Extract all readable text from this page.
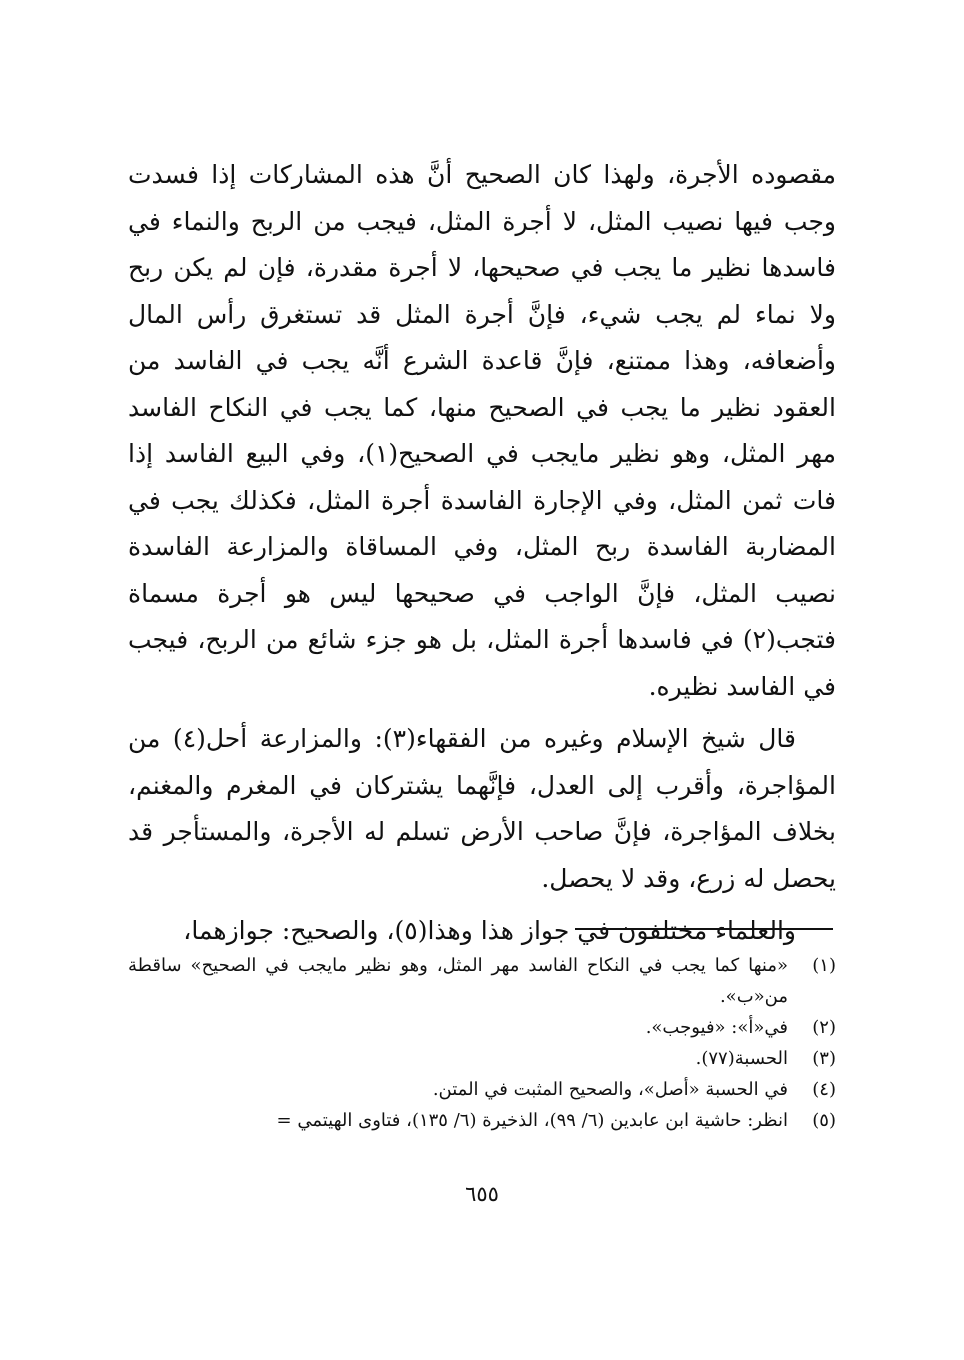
مقصوده الأجرة، ولهذا كان الصحيح أنَّ هذه المشاركات إذا فسدت وجب فيها نصيب المثل، لا أجرة المثل، فيجب من الربح والنماء في فاسدها نظير ما يجب في صحيحها، لا أجرة مقدرة، فإن لم يكن ربح ولا نماء لم يجب شيء، فإنَّ أجرة المثل قد تستغرق رأس المال وأضعافه، وهذا ممتنع، فإنَّ قاعدة الشرع أنَّه يجب في الفاسد من العقود نظير ما يجب في الصحيح منها، كما يجب في النكاح الفاسد مهر المثل، وهو نظير مايجب في الصحيح(١)، وفي البيع الفاسد إذا فات ثمن المثل، وفي الإجارة الفاسدة أجرة المثل، فكذلك يجب في المضاربة الفاسدة ربح المثل، وفي المساقاة والمزارعة الفاسدة نصيب المثل، فإنَّ الواجب في صحيحها ليس هو أجرة مسماة فتجب(٢) في فاسدها أجرة المثل، بل هو جزء شائع من الربح، فيجب في الفاسد نظيره.

قال شيخ الإسلام وغيره من الفقهاء(٣): والمزارعة أحل(٤) من المؤاجرة، وأقرب إلى العدل، فإنَّهما يشتركان في المغرم والمغنم، بخلاف المؤاجرة، فإنَّ صاحب الأرض تسلم له الأجرة، والمستأجر قد يحصل له زرع، وقد لا يحصل.

والعلماء مختلفون في جواز هذا وهذا(٥)، والصحيح: جوازهما،

(١)
«منها كما يجب في النكاح الفاسد مهر المثل، وهو نظير مايجب في الصحيح» ساقطة من«ب».
(٢)
في«أ»: «فيوجب».
(٣)
الحسبة(٧٧).
(٤)
في الحسبة «أصل»، والصحيح المثبت في المتن.
(٥)
انظر: حاشية ابن عابدين (٦/ ٩٩)، الذخيرة (٦/ ١٣٥)، فتاوى الهيتمي =
٦٥٥
